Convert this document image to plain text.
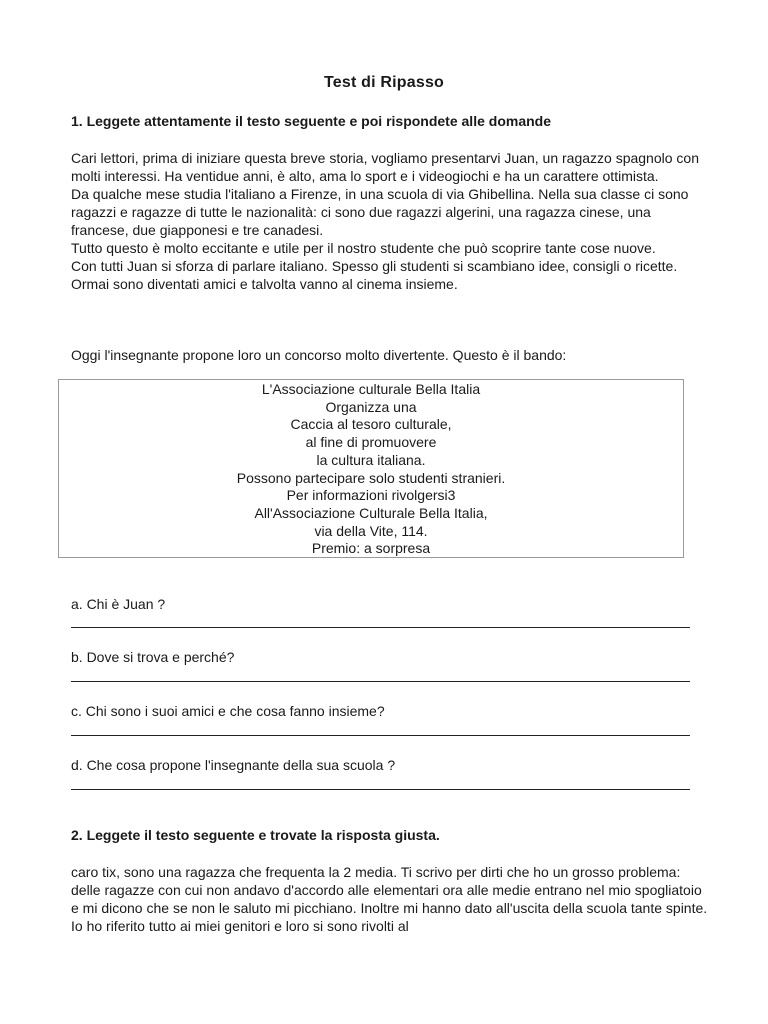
Test di Ripasso
1. Leggete attentamente il testo seguente e poi rispondete alle domande

Cari lettori, prima di iniziare questa breve storia, vogliamo presentarvi Juan, un ragazzo spagnolo con molti interessi. Ha ventidue anni, è alto, ama lo sport e i videogiochi e ha un carattere ottimista.

Da qualche mese studia l'italiano a Firenze, in una scuola di via Ghibellina. Nella sua classe ci sono ragazzi e ragazze di tutte le nazionalità: ci sono due ragazzi algerini, una ragazza cinese, una francese, due giapponesi e tre canadesi.

Tutto questo è molto eccitante e utile per il nostro studente che può scoprire tante cose nuove.

Con tutti Juan si sforza di parlare italiano. Spesso gli studenti si scambiano idee, consigli o ricette. Ormai sono diventati amici e talvolta vanno al cinema insieme.

Oggi l'insegnante propone loro un concorso molto divertente. Questo è il bando:
L'Associazione culturale Bella Italia
Organizza una
Caccia al tesoro culturale,
al fine di promuovere
la cultura italiana.
Possono partecipare solo studenti stranieri.
Per informazioni rivolgersi3
All'Associazione Culturale Bella Italia,
via della Vite, 114.
Premio: a sorpresa
a. Chi è Juan ?
b. Dove si trova e perché?
c. Chi sono i suoi amici e che cosa fanno insieme?
d. Che cosa propone l'insegnante della sua scuola ?
2. Leggete il testo seguente e trovate la risposta giusta.
caro tix, sono una ragazza che frequenta la 2 media. Ti scrivo per dirti che ho un grosso problema: delle ragazze con cui non andavo d'accordo alle elementari ora alle medie entrano nel mio spogliatoio e mi dicono che se non le saluto mi picchiano. Inoltre mi hanno dato all'uscita della scuola tante spinte. Io ho riferito tutto ai miei genitori e loro si sono rivolti al
